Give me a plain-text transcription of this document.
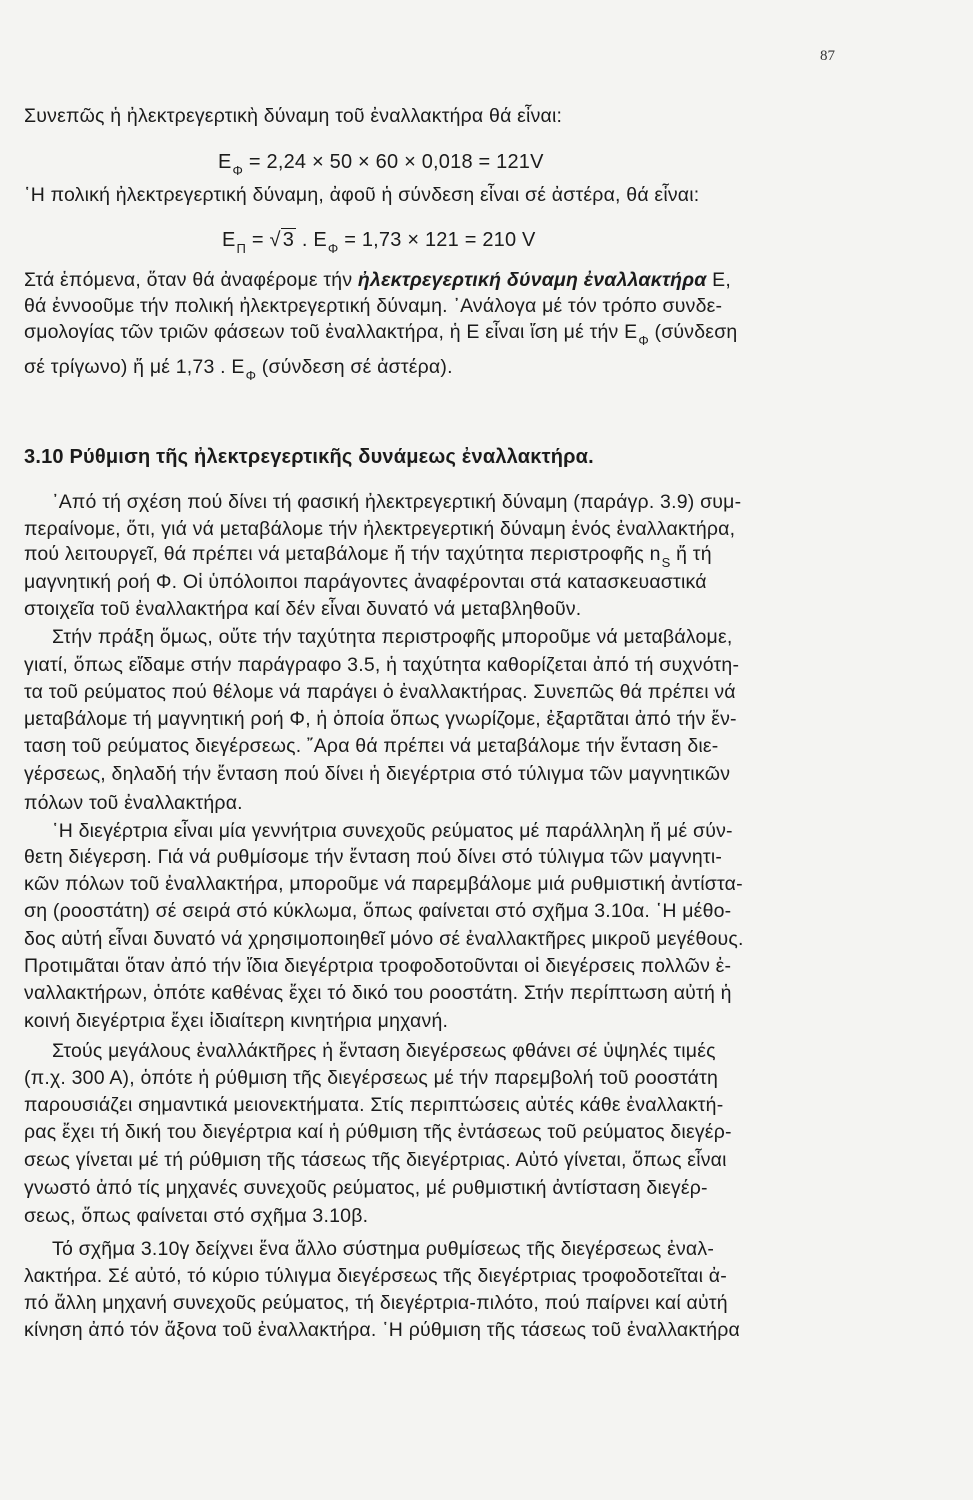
87
Συνεπῶς ἡ ἠλεκτρεγερτικὴ δύναμη τοῦ ἐναλλακτήρα θά εἶναι:
$E_\Phi = 2,24 \times 50 \times 60 \times 0,018 = 121V$
῾Η πολική ἠλεκτρεγερτική δύναμη, ἀφοῦ ἡ σύνδεση εἶναι σέ ἀστέρα, θά εἶναι:
$E_\Pi$ = √ 3 . $E_\Phi = 1,73 \times 121 = 210$ V
Στά ἑπόμενα, ὅταν θά ἀναφέρομε τήν ἠλεκτρεγερτική δύναμη ἐναλλακτήρα Ε,
θά ἐννοοῦμε τήν πολική ἠλεκτρεγερτική δύναμη. ᾿Ανάλογα μέ τόν τρόπο συνδε-
σμολογίας τῶν τριῶν φάσεων τοῦ ἐναλλακτήρα, ἡ Ε εἶναι ἴση μέ τήν $E_\Phi$ (σύνδεση
σέ τρίγωνο) ἤ μέ 1,73 . $E_\Phi$ (σύνδεση σέ ἀστέρα).
3.10 Ρύθμιση τῆς ἠλεκτρεγερτικῆς δυνάμεως ἐναλλακτήρα.
᾿Από τή σχέση πού δίνει τή φασική ἠλεκτρεγερτική δύναμη (παράγρ. 3.9) συμ-
περαίνομε, ὅτι, γιά νά μεταβάλομε τήν ἠλεκτρεγερτική δύναμη ἑνός ἐναλλακτήρα,
πού λειτουργεῖ, θά πρέπει νά μεταβάλομε ἤ τήν ταχύτητα περιστροφῆς $n_S$ ἤ τή
μαγνητική ροή Φ. Οἱ ὑπόλοιποι παράγοντες ἀναφέρονται στά κατασκευαστικά
στοιχεῖα τοῦ ἐναλλακτήρα καί δέν εἶναι δυνατό νά μεταβληθοῦν.
Στήν πράξη ὅμως, οὔτε τήν ταχύτητα περιστροφῆς μποροῦμε νά μεταβάλομε,
γιατί, ὅπως εἴδαμε στήν παράγραφο 3.5, ἡ ταχύτητα καθορίζεται ἀπό τή συχνότη-
τα τοῦ ρεύματος πού θέλομε νά παράγει ὁ ἐναλλακτήρας. Συνεπῶς θά πρέπει νά
μεταβάλομε τή μαγνητική ροή Φ, ἡ ὁποία ὅπως γνωρίζομε, ἐξαρτᾶται ἀπό τήν ἔν-
ταση τοῦ ρεύματος διεγέρσεως. ῎Αρα θά πρέπει νά μεταβάλομε τήν ἔνταση διε-
γέρσεως, δηλαδή τήν ἔνταση πού δίνει ἡ διεγέρτρια στό τύλιγμα τῶν μαγνητικῶν
πόλων τοῦ ἐναλλακτήρα.
῾Η διεγέρτρια εἶναι μία γεννήτρια συνεχοῦς ρεύματος μέ παράλληλη ἤ μέ σύν-
θετη διέγερση. Γιά νά ρυθμίσομε τήν ἔνταση πού δίνει στό τύλιγμα τῶν μαγνητι-
κῶν πόλων τοῦ ἐναλλακτήρα, μποροῦμε νά παρεμβάλομε μιά ρυθμιστική ἀντίστα-
ση (ροοστάτη) σέ σειρά στό κύκλωμα, ὅπως φαίνεται στό σχῆμα 3.10α. ῾Η μέθο-
δος αὐτή εἶναι δυνατό νά χρησιμοποιηθεῖ μόνο σέ ἐναλλακτῆρες μικροῦ μεγέθους.
Προτιμᾶται ὅταν ἀπό τήν ἴδια διεγέρτρια τροφοδοτοῦνται οἱ διεγέρσεις πολλῶν ἐ-
ναλλακτήρων, ὁπότε καθένας ἔχει τό δικό του ροοστάτη. Στήν περίπτωση αὐτή ἡ
κοινή διεγέρτρια ἔχει ἰδιαίτερη κινητήρια μηχανή.
Στούς μεγάλους ἐναλλάκτῆρες ἡ ἔνταση διεγέρσεως φθάνει σέ ὑψηλές τιμές
(π.χ. 300 Α), ὁπότε ἡ ρύθμιση τῆς διεγέρσεως μέ τήν παρεμβολή τοῦ ροοστάτη
παρουσιάζει σημαντικά μειονεκτήματα. Στίς περιπτώσεις αὐτές κάθε ἐναλλακτή-
ρας ἔχει τή δική του διεγέρτρια καί ἡ ρύθμιση τῆς ἐντάσεως τοῦ ρεύματος διεγέρ-
σεως γίνεται μέ τή ρύθμιση τῆς τάσεως τῆς διεγέρτριας. Αὐτό γίνεται, ὅπως εἶναι
γνωστό ἀπό τίς μηχανές συνεχοῦς ρεύματος, μέ ρυθμιστική ἀντίσταση διεγέρ-
σεως, ὅπως φαίνεται στό σχῆμα 3.10β.
Τό σχῆμα 3.10γ δείχνει ἕνα ἄλλο σύστημα ρυθμίσεως τῆς διεγέρσεως ἐναλ-
λακτήρα. Σέ αὐτό, τό κύριο τύλιγμα διεγέρσεως τῆς διεγέρτριας τροφοδοτεῖται ἀ-
πό ἄλλη μηχανή συνεχοῦς ρεύματος, τή διεγέρτρια-πιλότο, πού παίρνει καί αὐτή
κίνηση ἀπό τόν ἄξονα τοῦ ἐναλλακτήρα. ῾Η ρύθμιση τῆς τάσεως τοῦ ἐναλλακτήρα
